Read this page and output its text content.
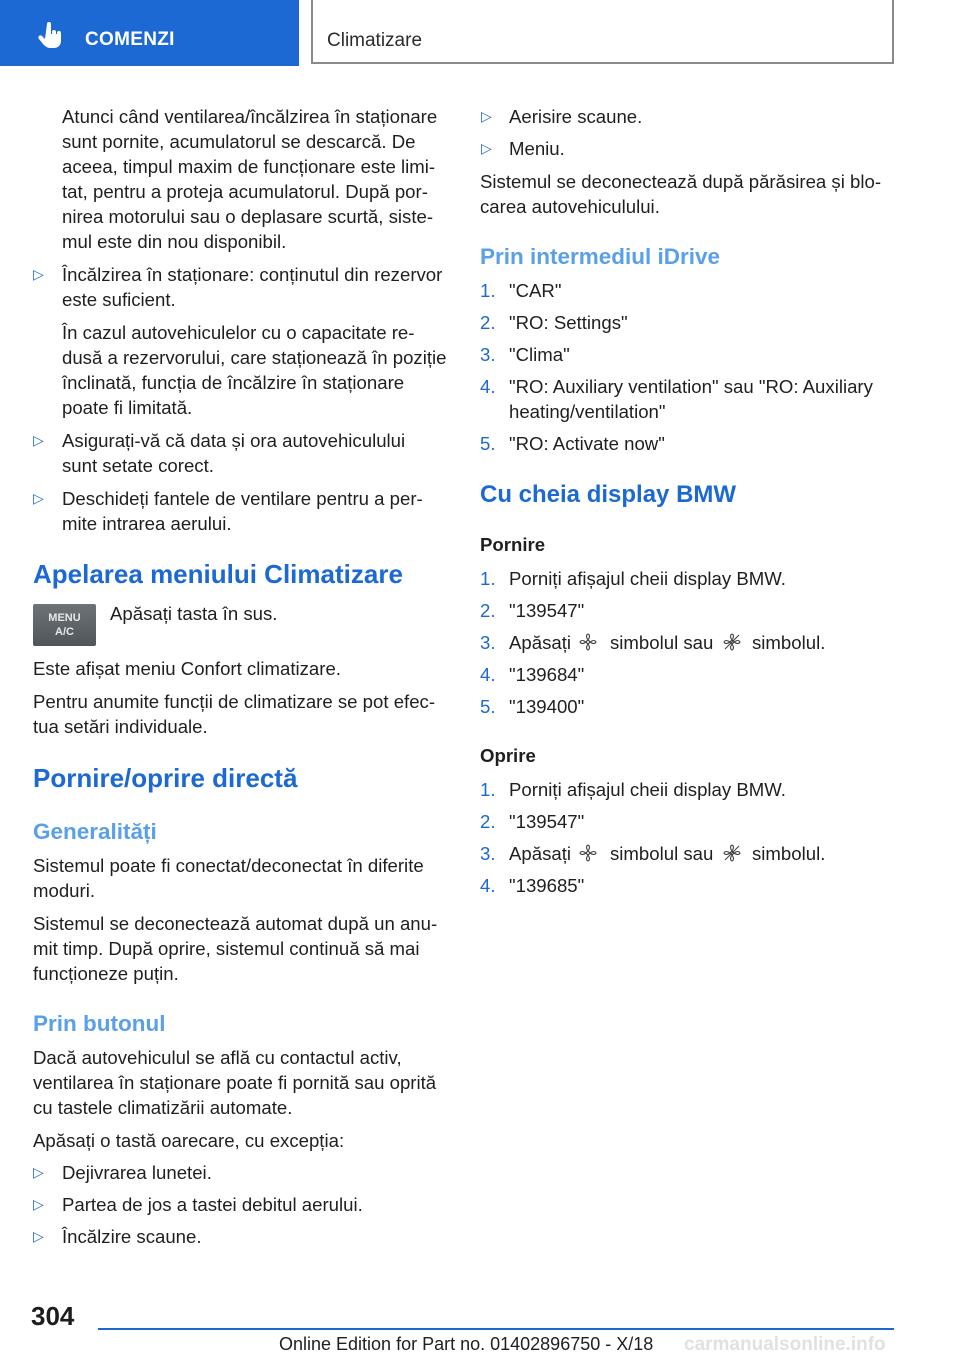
COMENZI	Climatizare

Atunci când ventilarea/încălzirea în staționare

sunt pornite, acumulatorul se descarcă. De

aceea, timpul maxim de funcționare este limi-

tat, pentru a proteja acumulatorul. După por-

nirea motorului sau o deplasare scurtă, siste-

mul este din nou disponibil.

▷ Încălzirea în staționare: conținutul din rezervor

este suficient.

În cazul autovehiculelor cu o capacitate re-

dusă a rezervorului, care staționează în poziție

înclinată, funcția de încălzire în staționare

poate fi limitată.

▷ Asigurați-vă că data și ora autovehiculului

sunt setate corect.

▷ Deschideți fantele de ventilare pentru a per-

mite intrarea aerului.

Apelarea meniului Climatizare
MENU
A/C

Apăsați tasta în sus.

Este afișat meniu Confort climatizare.

Pentru anumite funcții de climatizare se pot efec-

tua setări individuale.

Pornire/oprire directă
Generalități

Sistemul poate fi conectat/deconectat în diferite

moduri.

Sistemul se deconectează automat după un anu-

mit timp. După oprire, sistemul continuă să mai

funcționeze puțin.

Prin butonul

Dacă autovehiculul se află cu contactul activ,

ventilarea în staționare poate fi pornită sau oprită

cu tastele climatizării automate.

Apăsați o tastă oarecare, cu excepția:

▷ Dejivrarea lunetei.

▷ Partea de jos a tastei debitul aerului.

▷ Încălzire scaune.

▷ Aerisire scaune.

▷ Meniu.

Sistemul se deconectează după părăsirea și blo-

carea autovehiculului.

Prin intermediul iDrive
1. "CAR"

2. "RO: Settings"

3. "Clima"

4. "RO: Auxiliary ventilation" sau "RO: Auxiliary

heating/ventilation"

5. "RO: Activate now"

Cu cheia display BMW
Pornire
1. Porniți afișajul cheii display BMW.

2. "139547"

3. Apăsați simbolul sau simbolul.

4. "139684"

5. "139400"

Oprire
1. Porniți afișajul cheii display BMW.

2. "139547"

3. Apăsați simbolul sau simbolul.

4. "139685"

304
Online Edition for Part no. 01402896750 - X/18 carmanualsonline.info
